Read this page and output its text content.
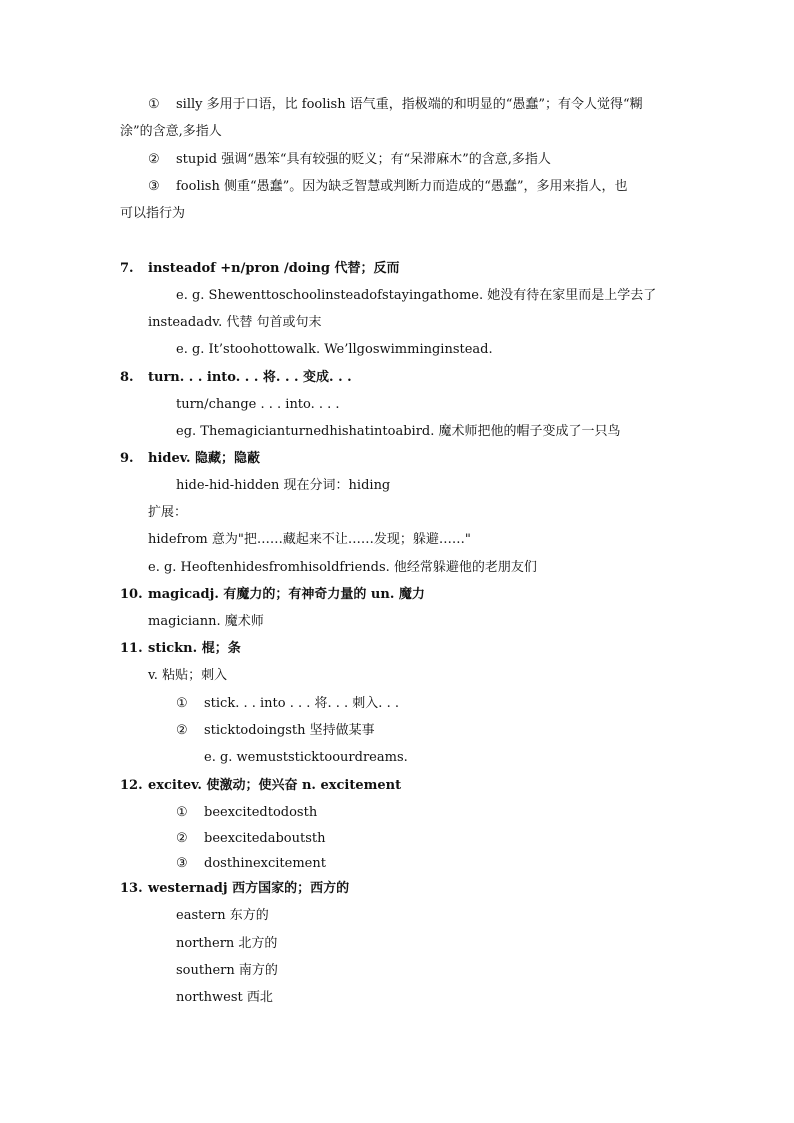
① silly 多用于口语，比 foolish 语气重，指极端的和明显的“愚蠢”；有令人觉得“糊
涂”的含意,多指人
② stupid 强调“愚笨“具有较强的贬义；有“呆滞麻木”的含意,多指人
③ foolish 侧重“愚蠢”。因为缺乏智慧或判断力而造成的“愚蠢”，多用来指人，也
可以指行为
7. insteadof +n/pron /doing 代替；反而
e. g. Shewenttoschoolinsteadofstayingathome. 她没有待在家里而是上学去了
insteadadv. 代替 句首或句末
e. g. It’stoohottowalk. We’llgoswimminginstead.
8. turn. . . into. . . 将. . . 变成. . .
turn/change . . . into. . . .
eg. Themagicianturnedhishatintoabird. 魔术师把他的帽子变成了一只鸟
9. hidev. 隐藏；隐蔽
hide-hid-hidden 现在分词：hiding
扩展：
hidefrom 意为"把……藏起来不让……发现；躲避……"
e. g. Heoftenhidesfromhisoldfriends. 他经常躲避他的老朋友们
10. magicadj. 有魔力的；有神奇力量的 un. 魔力
magiciann. 魔术师
11. stickn. 棍；条
v. 粘贴；刺入
① stick. . . into . . . 将. . . 刺入. . .
② sticktodoingsth 坚持做某事
e. g. wemuststicktoourdreams.
12. excitev. 使激动；使兴奋 n. excitement
① beexcitedtodosth
② beexcitedaboutsth
③ dosthinexcitement
13. westernadj 西方国家的；西方的
eastern 东方的
northern 北方的
southern 南方的
northwest 西北
